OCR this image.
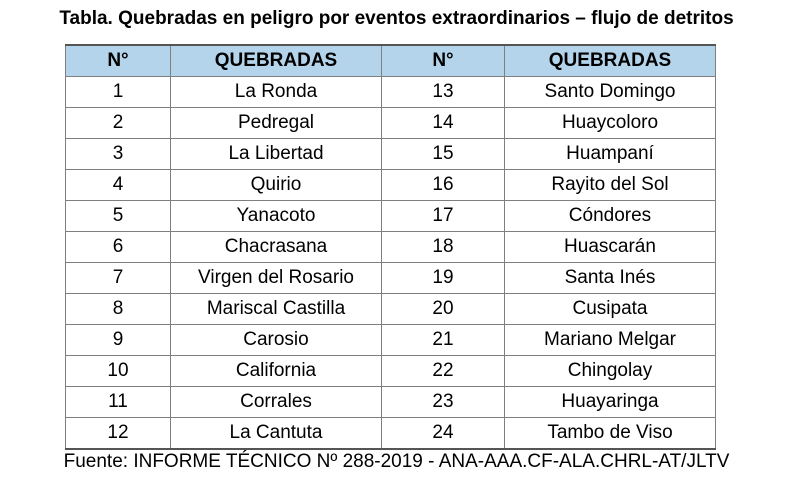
Tabla. Quebradas en peligro por eventos extraordinarios – flujo de detritos
N°	QUEBRADAS	N°	QUEBRADAS
1	La Ronda	13	Santo Domingo
2	Pedregal	14	Huaycoloro
3	La Libertad	15	Huampaní
4	Quirio	16	Rayito del Sol
5	Yanacoto	17	Cóndores
6	Chacrasana	18	Huascarán
7	Virgen del Rosario	19	Santa Inés
8	Mariscal Castilla	20	Cusipata
9	Carosio	21	Mariano Melgar
10	California	22	Chingolay
11	Corrales	23	Huayaringa
12	La Cantuta	24	Tambo de Viso
Fuente: INFORME TÉCNICO Nº 288-2019 - ANA-AAA.CF-ALA.CHRL-AT/JLTV
